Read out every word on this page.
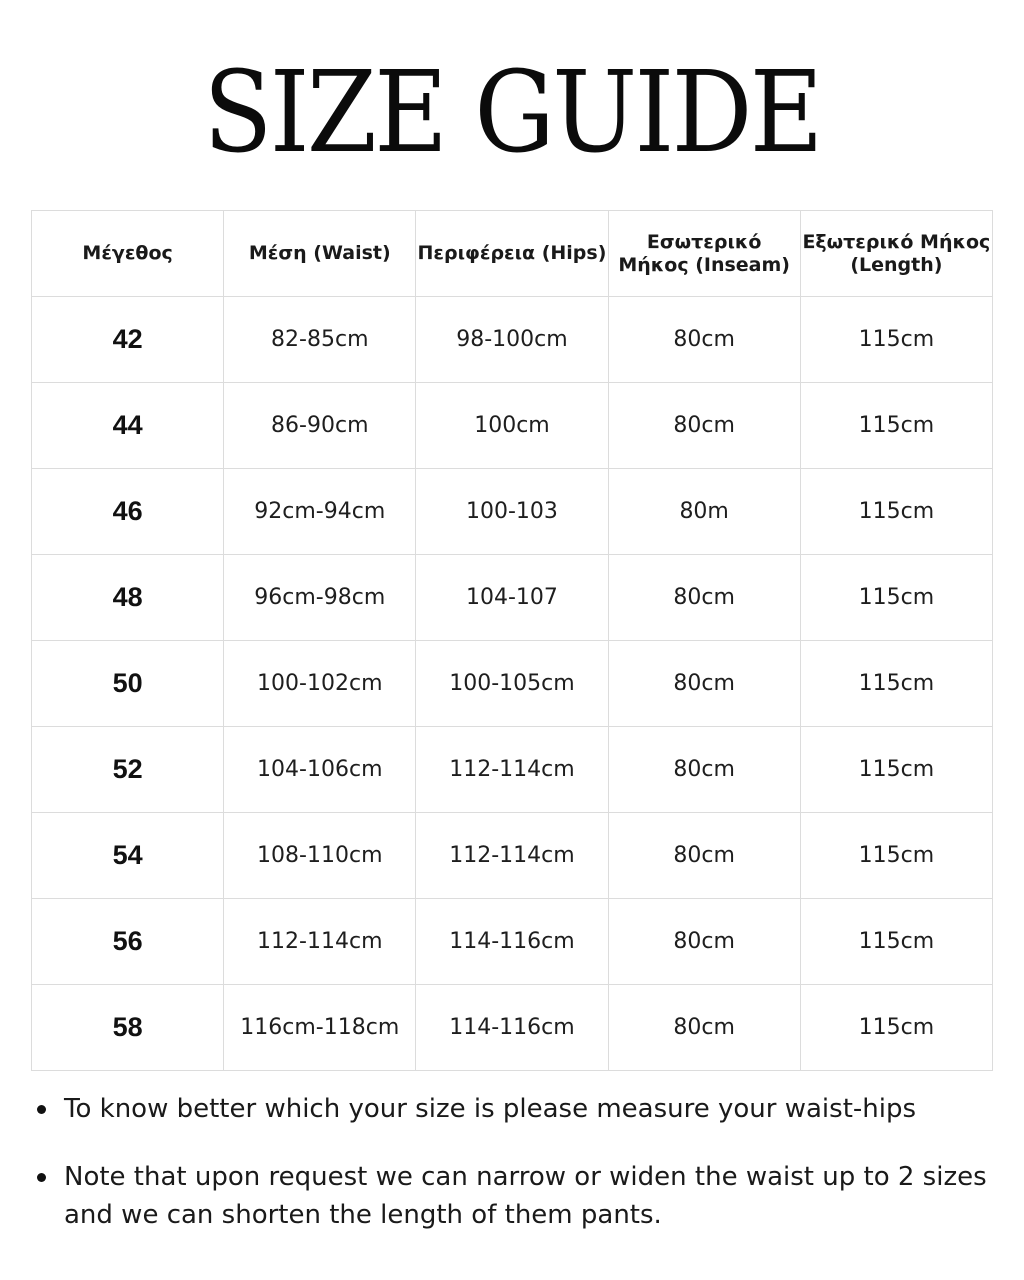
SIZE GUIDE
Μέγεθος	Μέση (Waist)	Περιφέρεια (Hips)	Εσωτερικό Μήκος (Inseam)	Εξωτερικό Μήκος (Length)
42	82-85cm	98-100cm	80cm	115cm
44	86-90cm	100cm	80cm	115cm
46	92cm-94cm	100-103	80m	115cm
48	96cm-98cm	104-107	80cm	115cm
50	100-102cm	100-105cm	80cm	115cm
52	104-106cm	112-114cm	80cm	115cm
54	108-110cm	112-114cm	80cm	115cm
56	112-114cm	114-116cm	80cm	115cm
58	116cm-118cm	114-116cm	80cm	115cm
To know better which your size is please measure your waist-hips
Note that upon request we can narrow or widen the waist up to 2 sizes and we can shorten the length of them pants.
